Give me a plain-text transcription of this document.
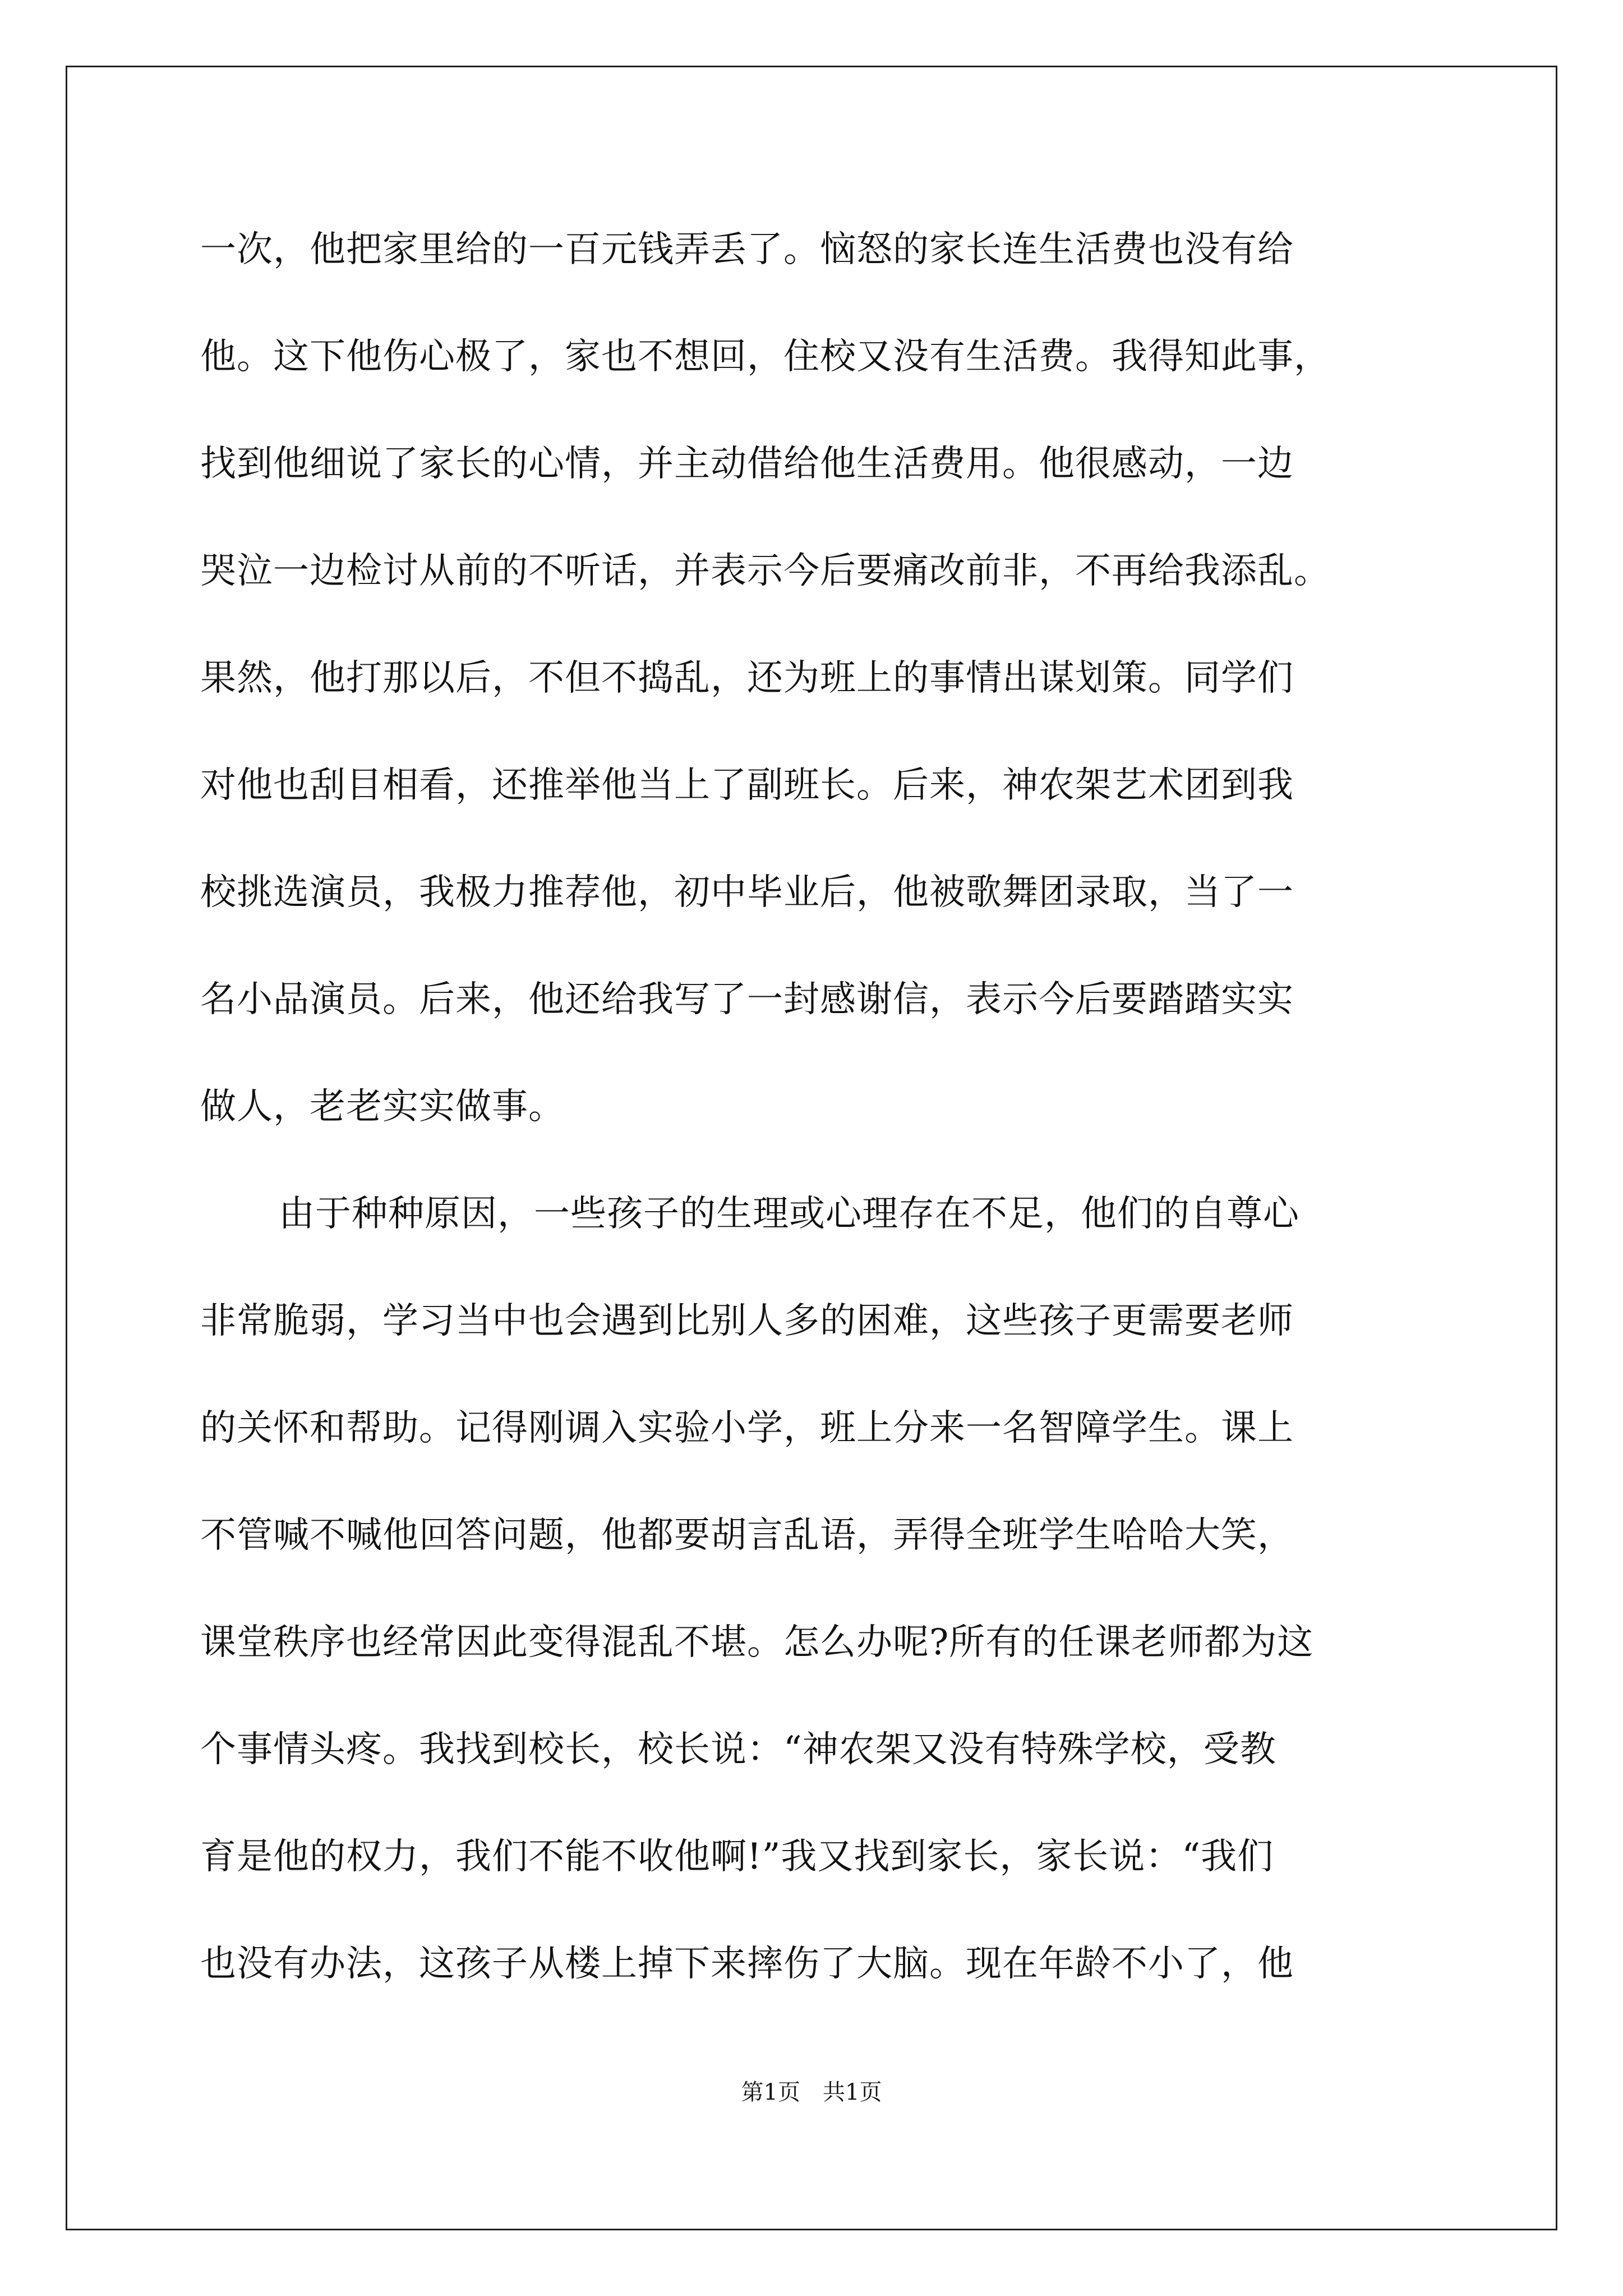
一次，他把家里给的一百元钱弄丢了。恼怒的家长连生活费也没有给
他。这下他伤心极了，家也不想回，住校又没有生活费。我得知此事，
找到他细说了家长的心情，并主动借给他生活费用。他很感动，一边
哭泣一边检讨从前的不听话，并表示今后要痛改前非，不再给我添乱。
果然，他打那以后，不但不捣乱，还为班上的事情出谋划策。同学们
对他也刮目相看，还推举他当上了副班长。后来，神农架艺术团到我
校挑选演员，我极力推荐他，初中毕业后，他被歌舞团录取，当了一
名小品演员。后来，他还给我写了一封感谢信，表示今后要踏踏实实
做人，老老实实做事。
由于种种原因，一些孩子的生理或心理存在不足，他们的自尊心
非常脆弱，学习当中也会遇到比别人多的困难，这些孩子更需要老师
的关怀和帮助。记得刚调入实验小学，班上分来一名智障学生。课上
不管喊不喊他回答问题，他都要胡言乱语，弄得全班学生哈哈大笑，
课堂秩序也经常因此变得混乱不堪。怎么办呢?所有的任课老师都为这
个事情头疼。我找到校长，校长说：“神农架又没有特殊学校，受教
育是他的权力，我们不能不收他啊!”我又找到家长，家长说：“我们
也没有办法，这孩子从楼上掉下来摔伤了大脑。现在年龄不小了，他
第1页　共1页
